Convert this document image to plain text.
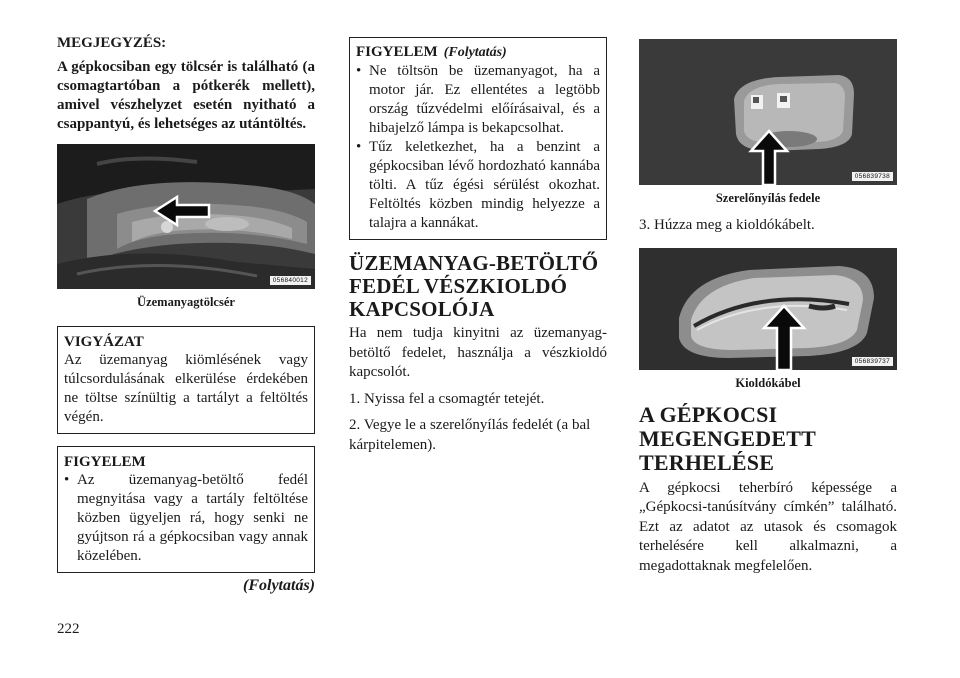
MEGJEGYZÉS:
A gépkocsiban egy tölcsér is található (a csomagtartóban a pótkerék mellett), amivel vészhelyzet esetén nyitható a csappantyú, és lehetséges az utántöltés.
056840012
Üzemanyagtölcsér
VIGYÁZAT
Az üzemanyag kiömlésének vagy túlcsordulásának elkerülése érdekében ne töltse színültig a tartályt a feltöltés végén.
FIGYELEM
• Az üzemanyag-betöltő fedél megnyitása vagy a tartály feltöltése közben ügyeljen rá, hogy senki ne gyújtson rá a gépkocsiban vagy annak közelében.
(Folytatás)
FIGYELEM (Folytatás)
• Ne töltsön be üzemanyagot, ha a motor jár. Ez ellentétes a legtöbb ország tűzvédelmi előírásaival, és a hibajelző lámpa is bekapcsolhat.
• Tűz keletkezhet, ha a benzint a gépkocsiban lévő hordozható kannába tölti. A tűz égési sérülést okozhat. Feltöltés közben mindig helyezze a talajra a kannákat.
ÜZEMANYAG-BETÖLTŐ
FEDÉL VÉSZKIOLDÓ
KAPCSOLÓJA
Ha nem tudja kinyitni az üzemanyag-betöltő fedelet, használja a vészkioldó kapcsolót.
1. Nyissa fel a csomagtér tetejét.
2. Vegye le a szerelőnyílás fedelét (a bal kárpitelemen).
056839738
Szerelőnyílás fedele
3. Húzza meg a kioldókábelt.
056839737
Kioldókábel
A GÉPKOCSI
MEGENGEDETT
TERHELÉSE
A gépkocsi teherbíró képessége a „Gépkocsi-tanúsítvány címkén” található. Ezt az adatot az utasok és csomagok terhelésére kell alkalmazni, a megadottaknak megfelelően.
222
